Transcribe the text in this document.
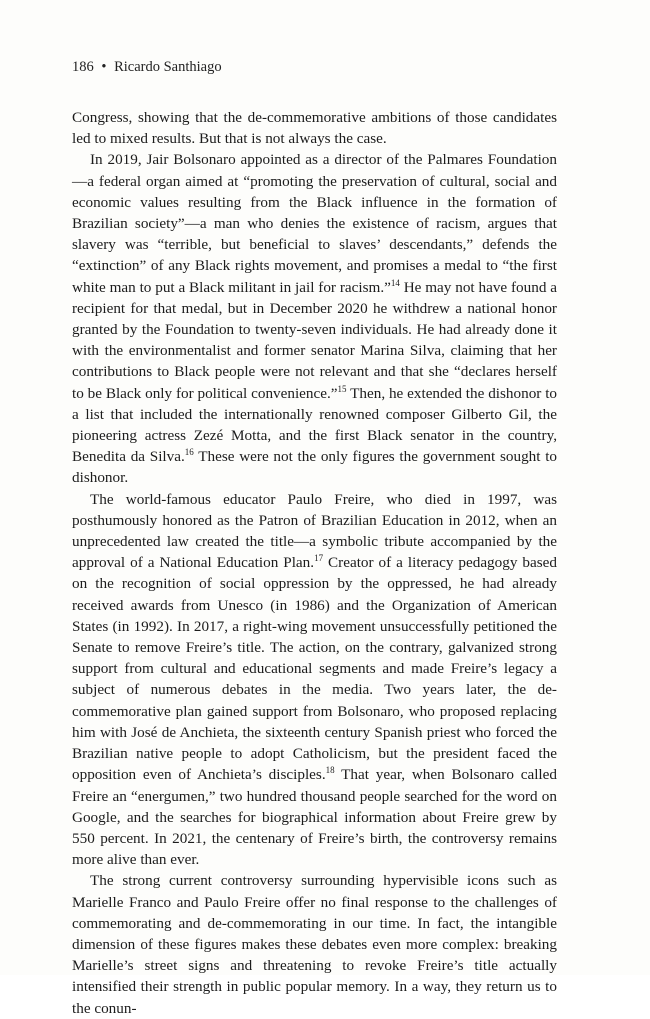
186 • Ricardo Santhiago

Congress, showing that the de-commemorative ambitions of those candidates led to mixed results. But that is not always the case.

In 2019, Jair Bolsonaro appointed as a director of the Palmares Foundation—a federal organ aimed at “promoting the preservation of cultural, social and economic values resulting from the Black influence in the formation of Brazilian society”—a man who denies the existence of racism, argues that slavery was “terrible, but beneficial to slaves’ descendants,” defends the “extinction” of any Black rights movement, and promises a medal to “the first white man to put a Black militant in jail for racism.”$^{14}$ He may not have found a recipient for that medal, but in December 2020 he withdrew a national honor granted by the Foundation to twenty-seven individuals. He had already done it with the environmentalist and former senator Marina Silva, claiming that her contributions to Black people were not relevant and that she “declares herself to be Black only for political convenience.”$^{15}$ Then, he extended the dishonor to a list that included the internationally renowned composer Gilberto Gil, the pioneering actress Zezé Motta, and the first Black senator in the country, Benedita da Silva.$^{16}$ These were not the only figures the government sought to dishonor.

The world-famous educator Paulo Freire, who died in 1997, was posthumously honored as the Patron of Brazilian Education in 2012, when an unprecedented law created the title—a symbolic tribute accompanied by the approval of a National Education Plan.$^{17}$ Creator of a literacy pedagogy based on the recognition of social oppression by the oppressed, he had already received awards from Unesco (in 1986) and the Organization of American States (in 1992). In 2017, a right-wing movement unsuccessfully petitioned the Senate to remove Freire’s title. The action, on the contrary, galvanized strong support from cultural and educational segments and made Freire’s legacy a subject of numerous debates in the media. Two years later, the de-commemorative plan gained support from Bolsonaro, who proposed replacing him with José de Anchieta, the sixteenth century Spanish priest who forced the Brazilian native people to adopt Catholicism, but the president faced the opposition even of Anchieta’s disciples.$^{18}$ That year, when Bolsonaro called Freire an “energumen,” two hundred thousand people searched for the word on Google, and the searches for biographical information about Freire grew by 550 percent. In 2021, the centenary of Freire’s birth, the controversy remains more alive than ever.

The strong current controversy surrounding hypervisible icons such as Marielle Franco and Paulo Freire offer no final response to the challenges of commemorating and de-commemorating in our time. In fact, the intangible dimension of these figures makes these debates even more complex: breaking Marielle’s street signs and threatening to revoke Freire’s title actually intensified their strength in public popular memory. In a way, they return us to the conun-
